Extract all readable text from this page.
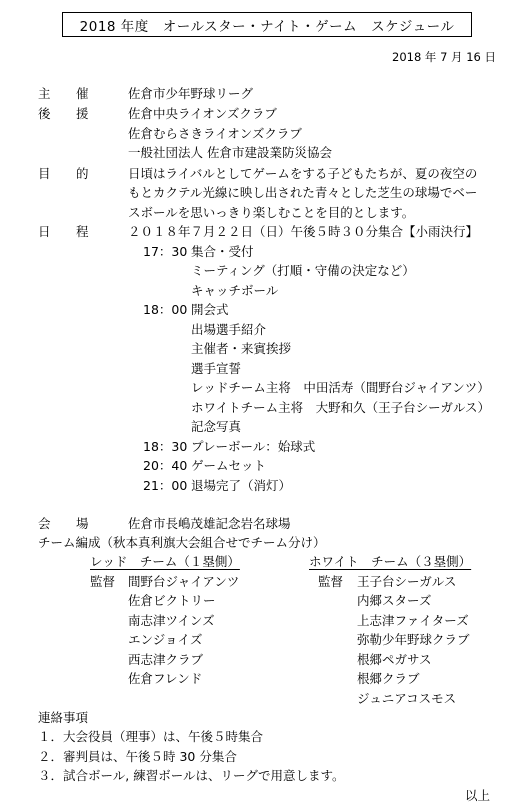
2018 年度　オールスター・ナイト・ゲーム　スケジュール
2018 年 7 月 16 日
主 催	佐倉市少年野球リーグ
後 援	佐倉中央ライオンズクラブ
佐倉むらさきライオンズクラブ
一般社団法人 佐倉市建設業防災協会
目 的	日頃はライバルとしてゲームをする子どもたちが、夏の夜空の
もとカクテル光線に映し出された青々とした芝生の球場でベー
スボールを思いっきり楽しむことを目的とします。
日 程	２０１８年７月２２日（日）午後５時３０分集合【小雨決行】
17：30 集合・受付
ミーティング（打順・守備の決定など）
キャッチボール
18：00 開会式
出場選手紹介
主催者・来賓挨拶
選手宣誓
レッドチーム主将　中田活寿（間野台ジャイアンツ）
ホワイトチーム主将　大野和久（王子台シーガルス）
記念写真
18：30 プレーボール：始球式
20：40 ゲームセット
21：00 退場完了（消灯）
会 場	佐倉市長嶋茂雄記念岩名球場
チーム編成（秋本真利旗大会組合せでチーム分け）
レッド　チーム（１塁側）
監督 間野台ジャイアンツ
佐倉ビクトリー
南志津ツインズ
エンジョイズ
西志津クラブ
佐倉フレンド
ホワイト　チーム（３塁側）
監督 王子台シーガルス
内郷スターズ
上志津ファイターズ
弥勒少年野球クラブ
根郷ペガサス
根郷クラブ
ジュニアコスモス
連絡事項
１．大会役員（理事）は、午後５時集合
２．審判員は、午後５時 30 分集合
３．試合ボール, 練習ボールは、リーグで用意します。
以上
